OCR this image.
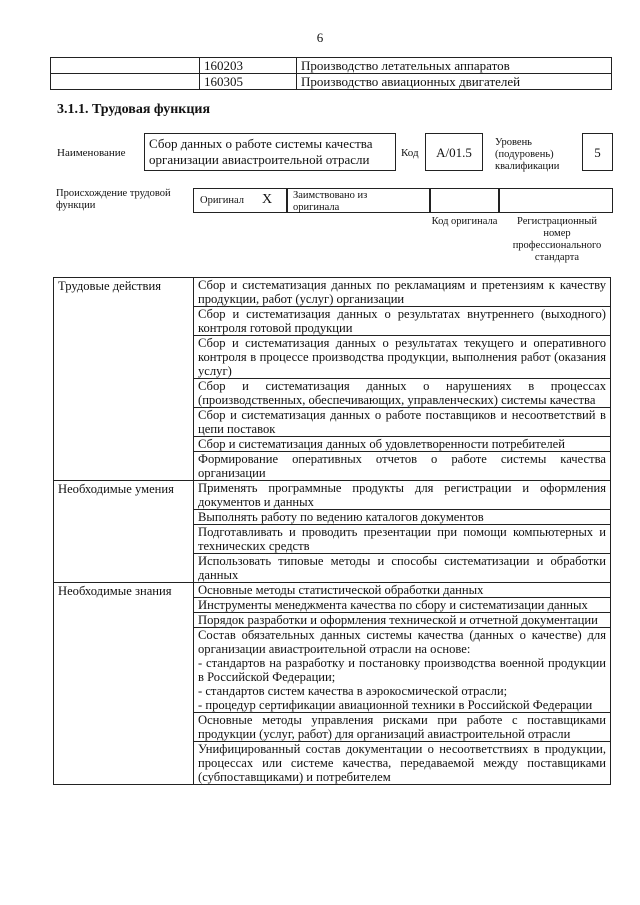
6
	160203	Производство летательных аппаратов
	160305	Производство авиационных двигателей
3.1.1. Трудовая функция
Наименование
Сбор данных о работе системы качества организации авиастроительной отрасли	Код	A/01.5
Уровень (подуровень) квалификации
5
Происхождение трудовой функции	Оригинал X Заимствовано из оригинала
Код оригинала	Регистрационный номер профессионального стандарта
Трудовые действия	Сбор и систематизация данных по рекламациям и претензиям к качеству продукции, работ (услуг) организации
	Сбор и систематизация данных о результатах внутреннего (выходного) контроля готовой продукции
	Сбор и систематизация данных о результатах текущего и оперативного контроля в процессе производства продукции, выполнения работ (оказания услуг)
	Сбор и систематизация данных о нарушениях в процессах (производственных, обеспечивающих, управленческих) системы качества
	Сбор и систематизация данных о работе поставщиков и несоответствий в цепи поставок
	Сбор и систематизация данных об удовлетворенности потребителей
	Формирование оперативных отчетов о работе системы качества организации
Необходимые умения	Применять программные продукты для регистрации и оформления документов и данных
	Выполнять работу по ведению каталогов документов
	Подготавливать и проводить презентации при помощи компьютерных и технических средств
	Использовать типовые методы и способы систематизации и обработки данных
Необходимые знания	Основные методы статистической обработки данных
	Инструменты менеджмента качества по сбору и систематизации данных
	Порядок разработки и оформления технической и отчетной документации
	Состав обязательных данных системы качества (данных о качестве) для организации авиастроительной отрасли на основе:
- стандартов на разработку и постановку производства военной продукции в Российской Федерации;
- стандартов систем качества в аэрокосмической отрасли;
- процедур сертификации авиационной техники в Российской Федерации
	Основные методы управления рисками при работе с поставщиками продукции (услуг, работ) для организаций авиастроительной отрасли
	Унифицированный состав документации о несоответствиях в продукции, процессах или системе качества, передаваемой между поставщиками (субпоставщиками) и потребителем
